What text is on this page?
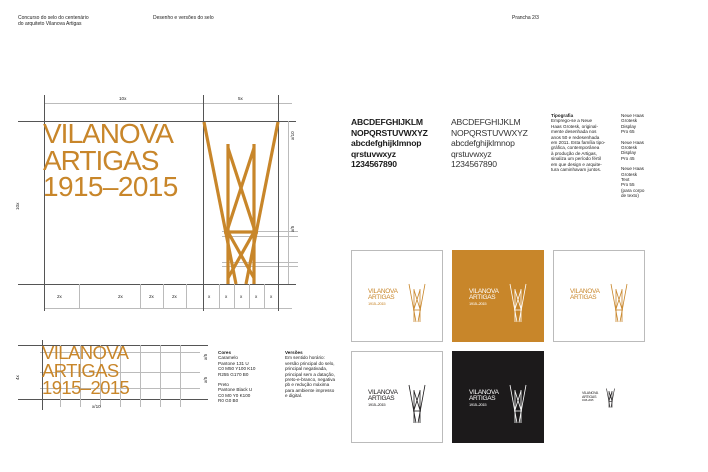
Concurso do selo do centenário
do arquiteto Vilanova Artigas
Desenho e versões do selo	Prancha 2/3
10x	5x
10x
x/10
x/5
2x	2x	2x	2x	x	x	x	x	x
VILANOVA
ARTIGAS
1915–2015
VILANOVA
ARTIGAS
1915–2015
4x
x/5
x/5
x/10
Cores
Caramelo
Pantone 131 U
C0 M50 Y100 K10
R255 G170 B0
Preto
Pantone Black U
C0 M0 Y0 K100
R0 G0 B0
Versões
Em sentido horário:
versão principal do selo,
principal negativada,
principal sem a datação,
preto-e-branco, negativa
pb e redução máxima
para ambiente impresso
e digital.
ABCDEFGHIJKLM
NOPQRSTUVWXYZ
abcdefghijklmnop
qrstuvwxyz
1234567890
ABCDEFGHIJKLM
NOPQRSTUVWXYZ
abcdefghijklmnop
qrstuvwxyz
1234567890
Tipografia
Emprego-se a Neue
Haas Grotesk, original-
mente desenhada nos
anos 50 e redesenhada
em 2011. Esta família tipo-
gráfica, contemporânea
à produção de Artigas,
sinaliza um período fértil
em que design e arquite-
tura caminhavam juntos.
Neue Haas
Grotesk
Display
Pro 65
Neue Haas
Grotesk
Display
Pro 45
Neue Haas
Grotesk
Text
Pro 55
(para corpo
de texto)
VILANOVA
ARTIGAS
1915–2015
VILANOVA
ARTIGAS
1915–2015
VILANOVA
ARTIGAS
VILANOVA
ARTIGAS
1915–2015
VILANOVA
ARTIGAS
1915–2015
VILANOVA
ARTIGAS
1915–2015
